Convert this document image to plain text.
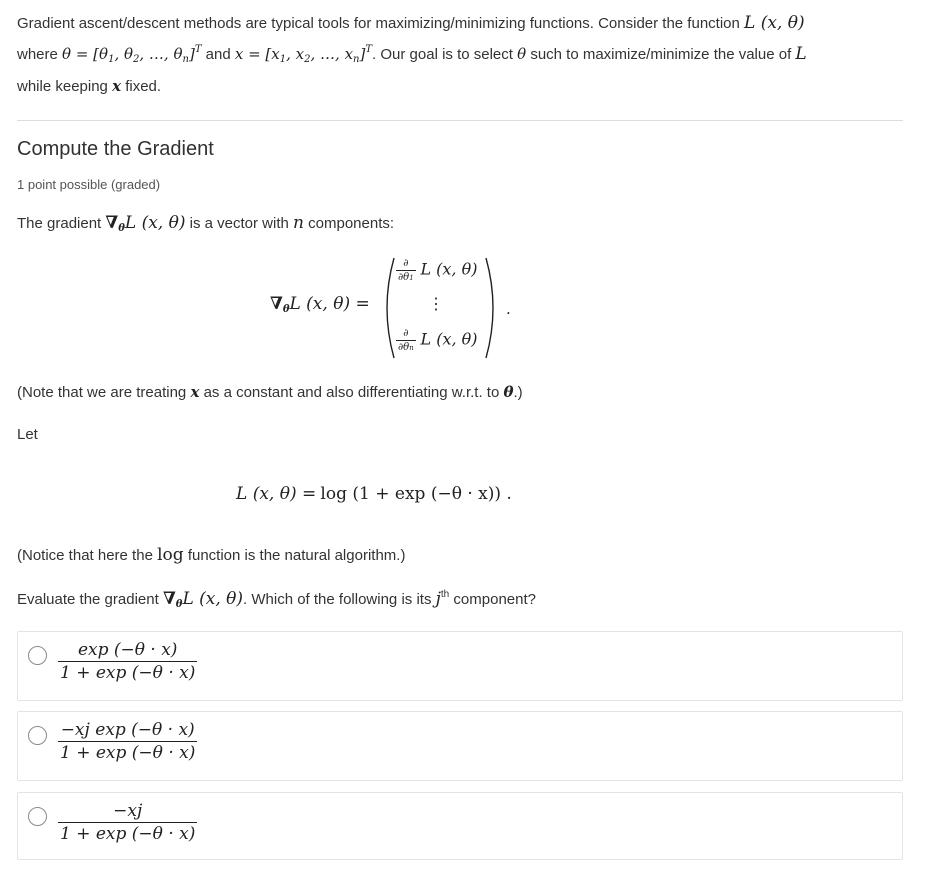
Gradient ascent/descent methods are typical tools for maximizing/minimizing functions. Consider the function L (x, θ)
where $\theta = [\theta_1$, $\theta_2$, …, $\theta_n]^T$ and $x = [x_1$, $x_2$, …, $x_n]^T$. Our goal is to select θ such to maximize/minimize the value of L
while keeping x fixed.
Compute the Gradient
1 point possible (graded)
The gradient $\nabla_\theta L$ (x, θ) is a vector with n components:
$\nabla_\theta L$ (x, θ) =
$\frac{\partial}{\partial\theta 1}$ L (x, θ)
⋮
$\frac{\partial}{\partial\theta n}$ L (x, θ)
.
(Note that we are treating x as a constant and also differentiating w.r.t. to θ.)
Let
L (x, θ) = log (1 + exp (−θ · x)) .
(Notice that here the log function is the natural algorithm.)
Evaluate the gradient $\nabla_\theta L$ (x, θ). Which of the following is its $j^{th}$ component?
$\frac{\exp (-\theta \cdot x)}{1 + \exp (-\theta \cdot x)}$
$\frac{\text{−xj exp (−θ · x)}}{1 + \exp (-\theta \cdot x)}$
$\frac{-xj}{1 + \exp (-\theta \cdot x)}$
